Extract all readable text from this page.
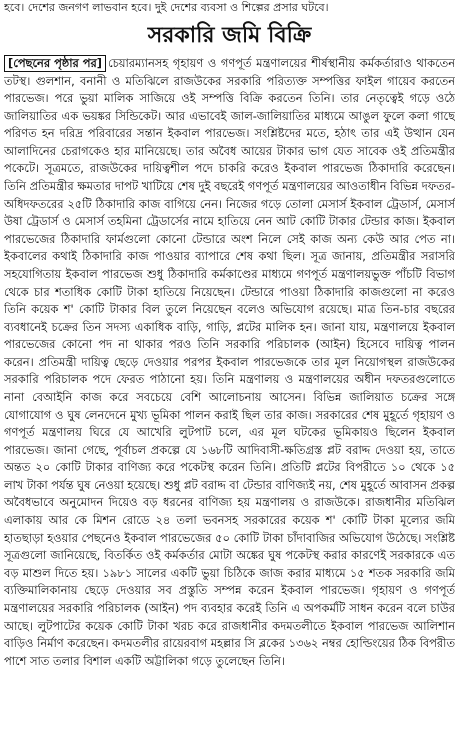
হবে। দেশের জনগণ লাভবান হবে। দুই দেশের ব্যবসা ও শিল্পের প্রসার ঘটবে।
সরকারি জমি বিক্রি
[পেছনের পৃষ্ঠার পর] চেয়ারম্যানসহ গৃহায়ণ ও গণপূর্ত মন্ত্রণালয়ের শীর্ষস্থানীয় কর্মকর্তারাও থাকতেন তটস্থ। গুলশান, বনানী ও মতিঝিলে রাজউকের সরকারি পরিত্যক্ত সম্পত্তির ফাইল গায়েব করতেন পারভেজ। পরে ভুয়া মালিক সাজিয়ে ওই সম্পত্তি বিক্রি করতেন তিনি। তার নেতৃত্বেই গড়ে ওঠে জালিয়াতির এক ভয়ঙ্কর সিন্ডিকেট। আর এভাবেই জাল-জালিয়াতির মাধ্যমে আঙুল ফুলে কলা গাছে পরিণত হন দরিদ্র পরিবারের সন্তান ইকবাল পারভেজ। সংশ্লিষ্টদের মতে, হঠাৎ তার এই উত্থান যেন আলাদিনের চেরাগকেও হার মানিয়েছে। তার অবৈধ আয়ের টাকার ভাগ যেত সাবেক ওই প্রতিমন্ত্রীর পকেটে। সূত্রমতে, রাজউকের দায়িত্বশীল পদে চাকরি করেও ইকবাল পারভেজ ঠিকাদারি করেছেন। তিনি প্রতিমন্ত্রীর ক্ষমতার দাপট খাটিয়ে শেষ দুই বছরেই গণপূর্ত মন্ত্রণালয়ের আওতাধীন বিভিন্ন দফতর-অধিদফতরের ২৫টি ঠিকাদারি কাজ বাগিয়ে নেন। নিজের গড়ে তোলা মেসার্স ইকবাল ট্রেডার্স, মেসার্স উষা ট্রেডার্স ও মেসার্স তহমিনা ট্রেডার্সের নামে হাতিয়ে নেন আট কোটি টাকার টেন্ডার কাজ। ইকবাল পারভেজের ঠিকাদারি ফার্মগুলো কোনো টেন্ডারে অংশ নিলে সেই কাজ অন্য কেউ আর পেত না। ইকবালের কথাই ঠিকাদারি কাজ পাওয়ার ব্যাপারে শেষ কথা ছিল। সূত্র জানায়, প্রতিমন্ত্রীর সরাসরি সহযোগিতায় ইকবাল পারভেজ শুধু ঠিকাদারি কর্মকাণ্ডের মাধ্যমে গণপূর্ত মন্ত্রণালয়ভুক্ত পাঁচটি বিভাগ থেকে চার শতাধিক কোটি টাকা হাতিয়ে নিয়েছেন। টেন্ডারে পাওয়া ঠিকাদারি কাজগুলো না করেও তিনি কয়েক শ' কোটি টাকার বিল তুলে নিয়েছেন বলেও অভিযোগ রয়েছে। মাত্র তিন-চার বছরের ব্যবধানেই চক্রের তিন সদস্য একাধিক বাড়ি, গাড়ি, প্লটের মালিক হন। জানা যায়, মন্ত্রণালয়ে ইকবাল পারভেজের কোনো পদ না থাকার পরও তিনি সরকারি পরিচালক (আইন) হিসেবে দায়িত্ব পালন করেন। প্রতিমন্ত্রী দায়িত্ব ছেড়ে দেওয়ার পরপর ইকবাল পারভেজকে তার মূল নিয়োগস্থল রাজউকের সরকারি পরিচালক পদে ফেরত পাঠানো হয়। তিনি মন্ত্রণালয় ও মন্ত্রণালয়ের অধীন দফতরগুলোতে নানা বেআইনি কাজ করে সবচেয়ে বেশি আলোচনায় আসেন। বিভিন্ন জালিয়াত চক্রের সঙ্গে যোগাযোগ ও ঘুষ লেনদেনে মুখ্য ভূমিকা পালন করাই ছিল তার কাজ। সরকারের শেষ মুহূর্তে গৃহায়ণ ও গণপূর্ত মন্ত্রণালয় ঘিরে যে আখেরি লুটপাট চলে, এর মূল ঘটকের ভূমিকায়ও ছিলেন ইকবাল পারভেজ। জানা গেছে, পূর্বাচল প্রকল্পে যে ১৬৮টি আদিবাসী-ক্ষতিগ্রস্ত প্লট বরাদ্দ দেওয়া হয়, তাতে অন্তত ২০ কোটি টাকার বাণিজ্য করে পকেটস্থ করেন তিনি। প্রতিটি প্লটের বিপরীতে ১০ থেকে ১৫ লাখ টাকা পর্যন্ত ঘুষ নেওয়া হয়েছে। শুধু প্লট বরাদ্দ বা টেন্ডার বাণিজ্যই নয়, শেষ মুহূর্তে আবাসন প্রকল্প অবৈধভাবে অনুমোদন দিয়েও বড় ধরনের বাণিজ্য হয় মন্ত্রণালয় ও রাজউকে। রাজধানীর মতিঝিল এলাকায় আর কে মিশন রোডে ২৪ তলা ভবনসহ সরকারের কয়েক শ' কোটি টাকা মূল্যের জমি হাতছাড়া হওয়ার পেছনেও ইকবাল পারভেজের ৫০ কোটি টাকা চাঁদাবাজির অভিযোগ উঠেছে। সংশ্লিষ্ট সূত্রগুলো জানিয়েছে, বিতর্কিত ওই কর্মকর্তার মোটা অঙ্কের ঘুষ পকেটস্থ করার কারণেই সরকারকে এত বড় মাশুল দিতে হয়। ১৯৮১ সালের একটি ভুয়া চিঠিকে জাজ করার মাধ্যমে ১৫ শতক সরকারি জমি ব্যক্তিমালিকানায় ছেড়ে দেওয়ার সব প্রস্তুতি সম্পন্ন করেন ইকবাল পারভেজ। গৃহায়ণ ও গণপূর্ত মন্ত্রণালয়ের সরকারি পরিচালক (আইন) পদ ব্যবহার করেই তিনি এ অপকর্মটি সাধন করেন বলে চাউর আছে। লুটপাটের কয়েক কোটি টাকা খরচ করে রাজধানীর কদমতলীতে ইকবাল পারভেজ আলিশান বাড়িও নির্মাণ করেছেন। কদমতলীর রায়েরবাগ মহল্লার সি ব্লকের ১৩৬২ নম্বর হোল্ডিংয়ের ঠিক বিপরীত পাশে সাত তলার বিশাল একটি অট্টালিকা গড়ে তুলেছেন তিনি।
